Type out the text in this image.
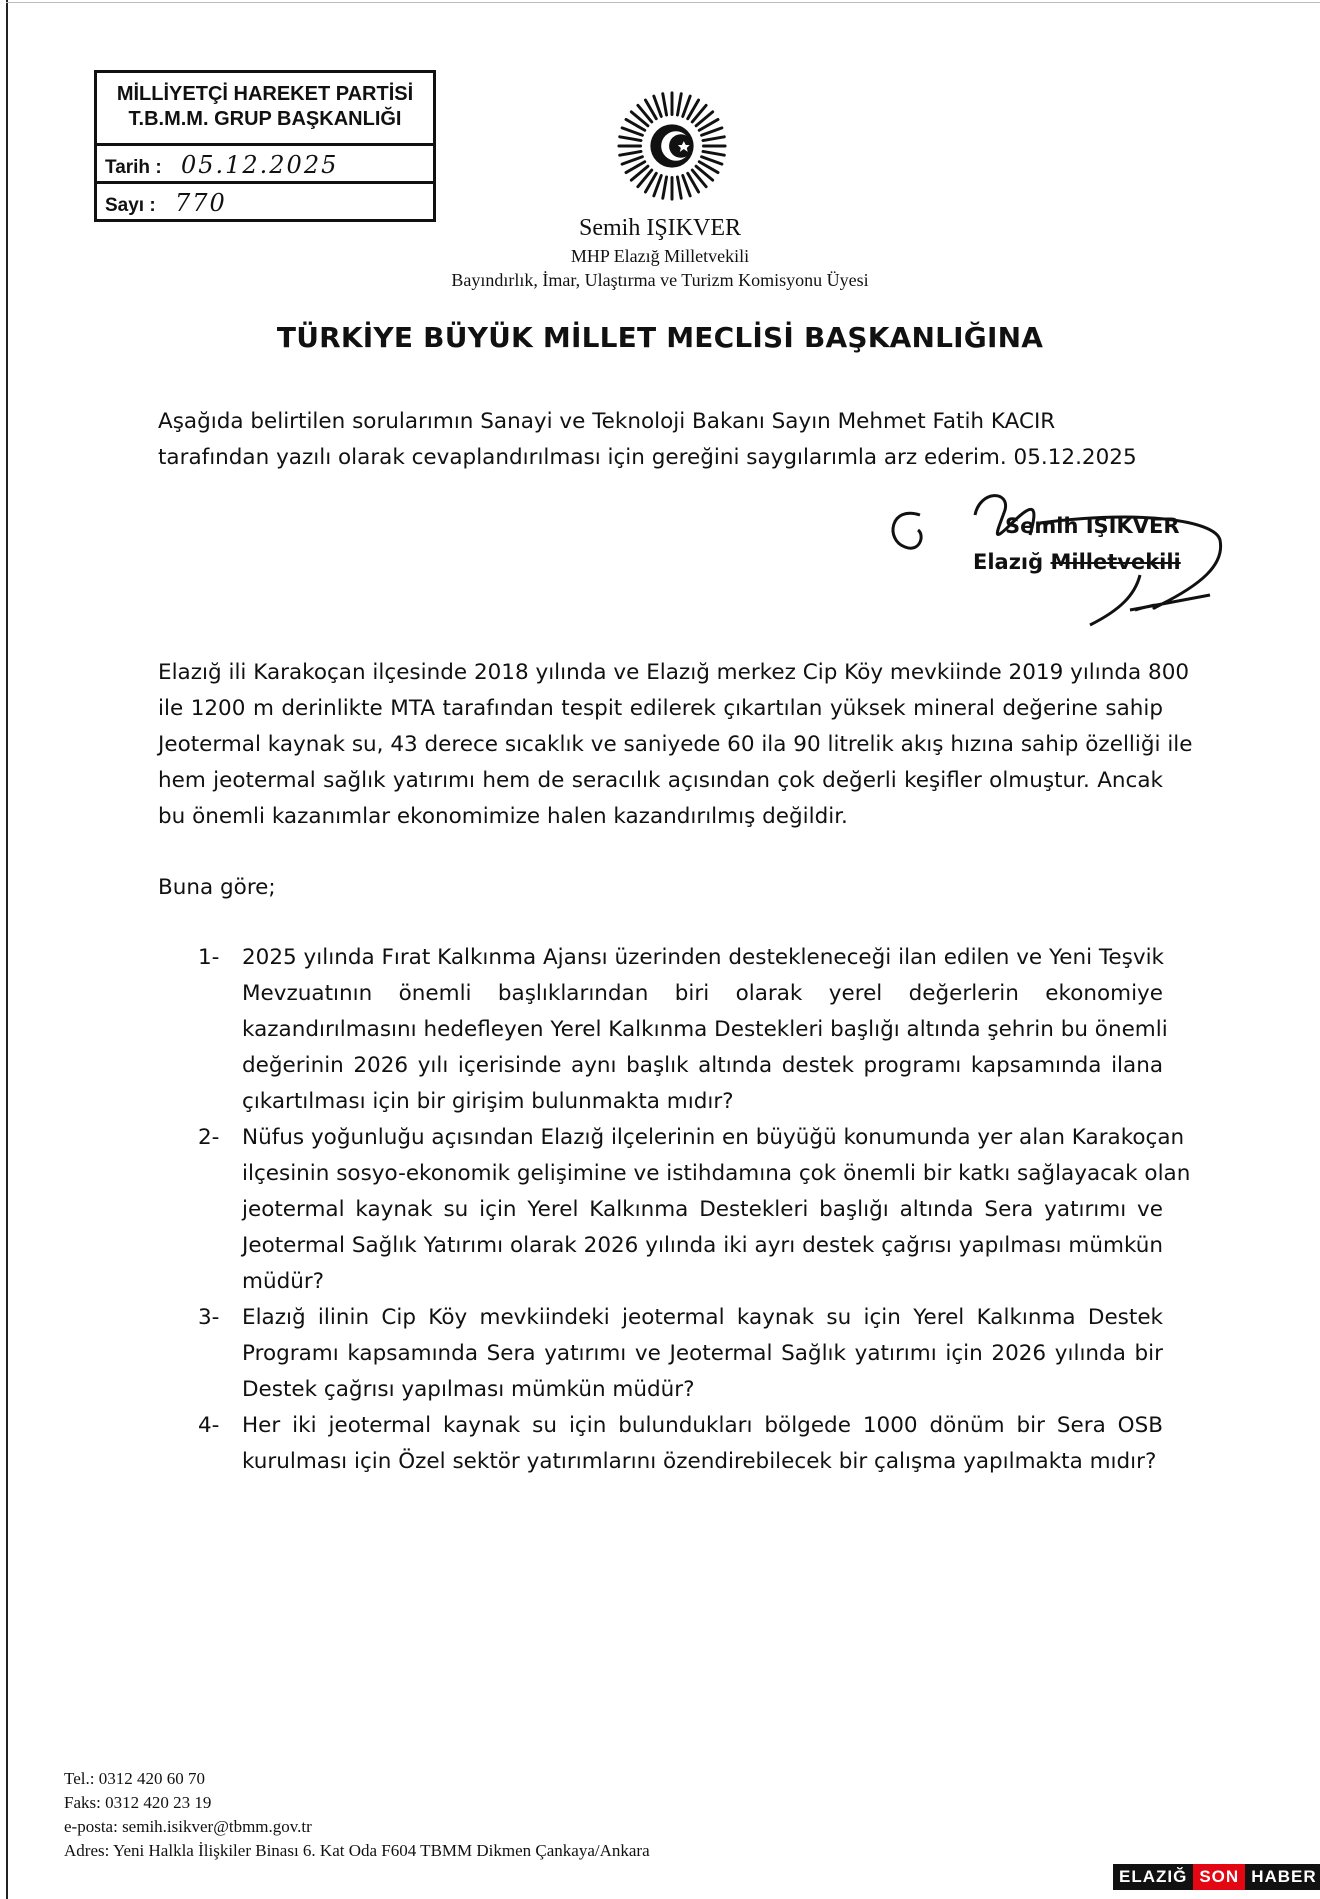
MİLLİYETÇİ HAREKET PARTİSİ
T.B.M.M. GRUP BAŞKANLIĞI
Tarih : 05.12.2025
Sayı : 770
Semih IŞIKVER
MHP Elazığ Milletvekili
Bayındırlık, İmar, Ulaştırma ve Turizm Komisyonu Üyesi
TÜRKİYE BÜYÜK MİLLET MECLİSİ BAŞKANLIĞINA
Aşağıda belirtilen sorularımın Sanayi ve Teknoloji Bakanı Sayın Mehmet Fatih KACIR
tarafından yazılı olarak cevaplandırılması için gereğini saygılarımla arz ederim. 05.12.2025
Semih IŞIKVER
Elazığ Milletvekili
Elazığ ili Karakoçan ilçesinde 2018 yılında ve Elazığ merkez Cip Köy mevkiinde 2019 yılında 800
ile 1200 m derinlikte MTA tarafından tespit edilerek çıkartılan yüksek mineral değerine sahip
Jeotermal kaynak su, 43 derece sıcaklık ve saniyede 60 ila 90 litrelik akış hızına sahip özelliği ile
hem jeotermal sağlık yatırımı hem de seracılık açısından çok değerli keşifler olmuştur. Ancak
bu önemli kazanımlar ekonomimize halen kazandırılmış değildir.
Buna göre;
1- 2025 yılında Fırat Kalkınma Ajansı üzerinden destekleneceği ilan edilen ve Yeni Teşvik
Mevzuatının önemli başlıklarından biri olarak yerel değerlerin ekonomiye
kazandırılmasını hedefleyen Yerel Kalkınma Destekleri başlığı altında şehrin bu önemli
değerinin 2026 yılı içerisinde aynı başlık altında destek programı kapsamında ilana
çıkartılması için bir girişim bulunmakta mıdır?
2- Nüfus yoğunluğu açısından Elazığ ilçelerinin en büyüğü konumunda yer alan Karakoçan
ilçesinin sosyo-ekonomik gelişimine ve istihdamına çok önemli bir katkı sağlayacak olan
jeotermal kaynak su için Yerel Kalkınma Destekleri başlığı altında Sera yatırımı ve
Jeotermal Sağlık Yatırımı olarak 2026 yılında iki ayrı destek çağrısı yapılması mümkün
müdür?
3- Elazığ ilinin Cip Köy mevkiindeki jeotermal kaynak su için Yerel Kalkınma Destek
Programı kapsamında Sera yatırımı ve Jeotermal Sağlık yatırımı için 2026 yılında bir
Destek çağrısı yapılması mümkün müdür?
4- Her iki jeotermal kaynak su için bulundukları bölgede 1000 dönüm bir Sera OSB
kurulması için Özel sektör yatırımlarını özendirebilecek bir çalışma yapılmakta mıdır?
Tel.: 0312 420 60 70
Faks: 0312 420 23 19
e-posta: semih.isikver@tbmm.gov.tr
Adres: Yeni Halkla İlişkiler Binası 6. Kat Oda F604 TBMM Dikmen Çankaya/Ankara
ELAZIĞ SON HABER
